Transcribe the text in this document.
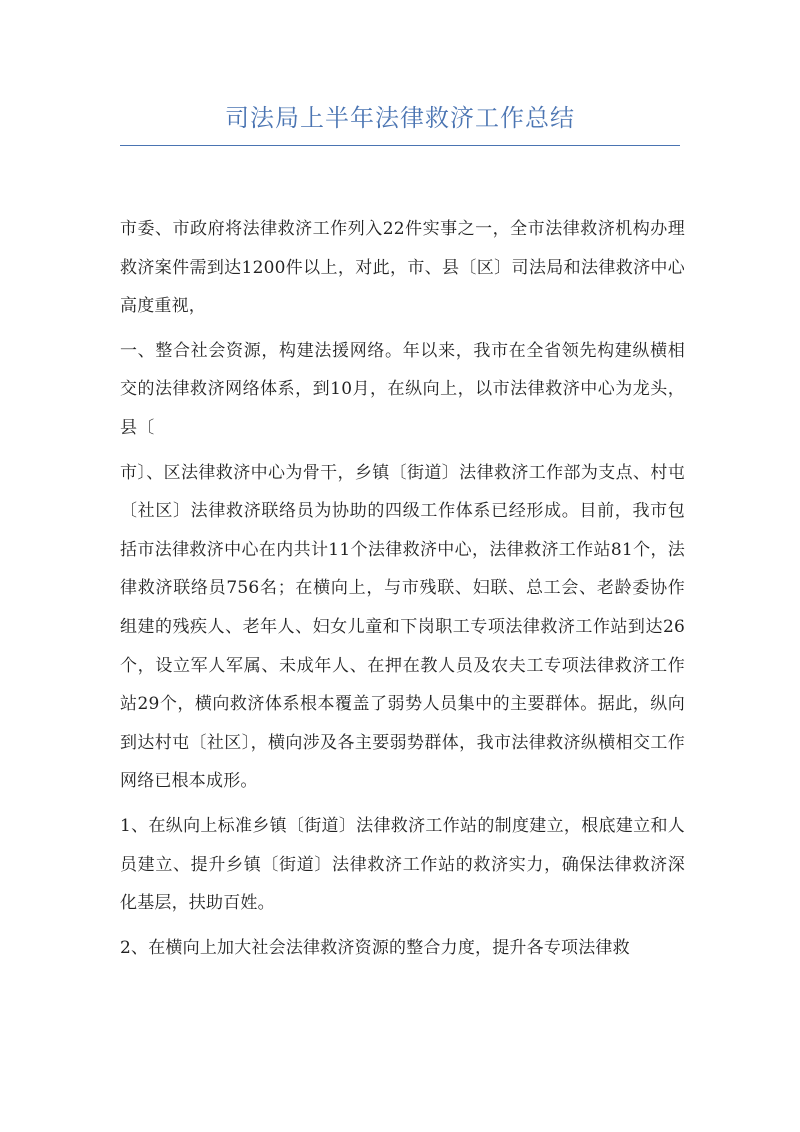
司法局上半年法律救济工作总结

市委、市政府将法律救济工作列入22件实事之一，全市法律救济机构办理救济案件需到达1200件以上，对此，市、县〔区〕司法局和法律救济中心高度重视，

一、整合社会资源，构建法援网络。年以来，我市在全省领先构建纵横相交的法律救济网络体系，到10月，在纵向上，以市法律救济中心为龙头，县〔

市〕、区法律救济中心为骨干，乡镇〔街道〕法律救济工作部为支点、村屯〔社区〕法律救济联络员为协助的四级工作体系已经形成。目前，我市包括市法律救济中心在内共计11个法律救济中心，法律救济工作站81个，法律救济联络员756名；在横向上，与市残联、妇联、总工会、老龄委协作组建的残疾人、老年人、妇女儿童和下岗职工专项法律救济工作站到达26个，设立军人军属、未成年人、在押在教人员及农夫工专项法律救济工作站29个，横向救济体系根本覆盖了弱势人员集中的主要群体。据此，纵向到达村屯〔社区〕，横向涉及各主要弱势群体，我市法律救济纵横相交工作网络已根本成形。

1、在纵向上标准乡镇〔街道〕法律救济工作站的制度建立，根底建立和人员建立、提升乡镇〔街道〕法律救济工作站的救济实力，确保法律救济深化基层，扶助百姓。

2、在横向上加大社会法律救济资源的整合力度，提升各专项法律救
